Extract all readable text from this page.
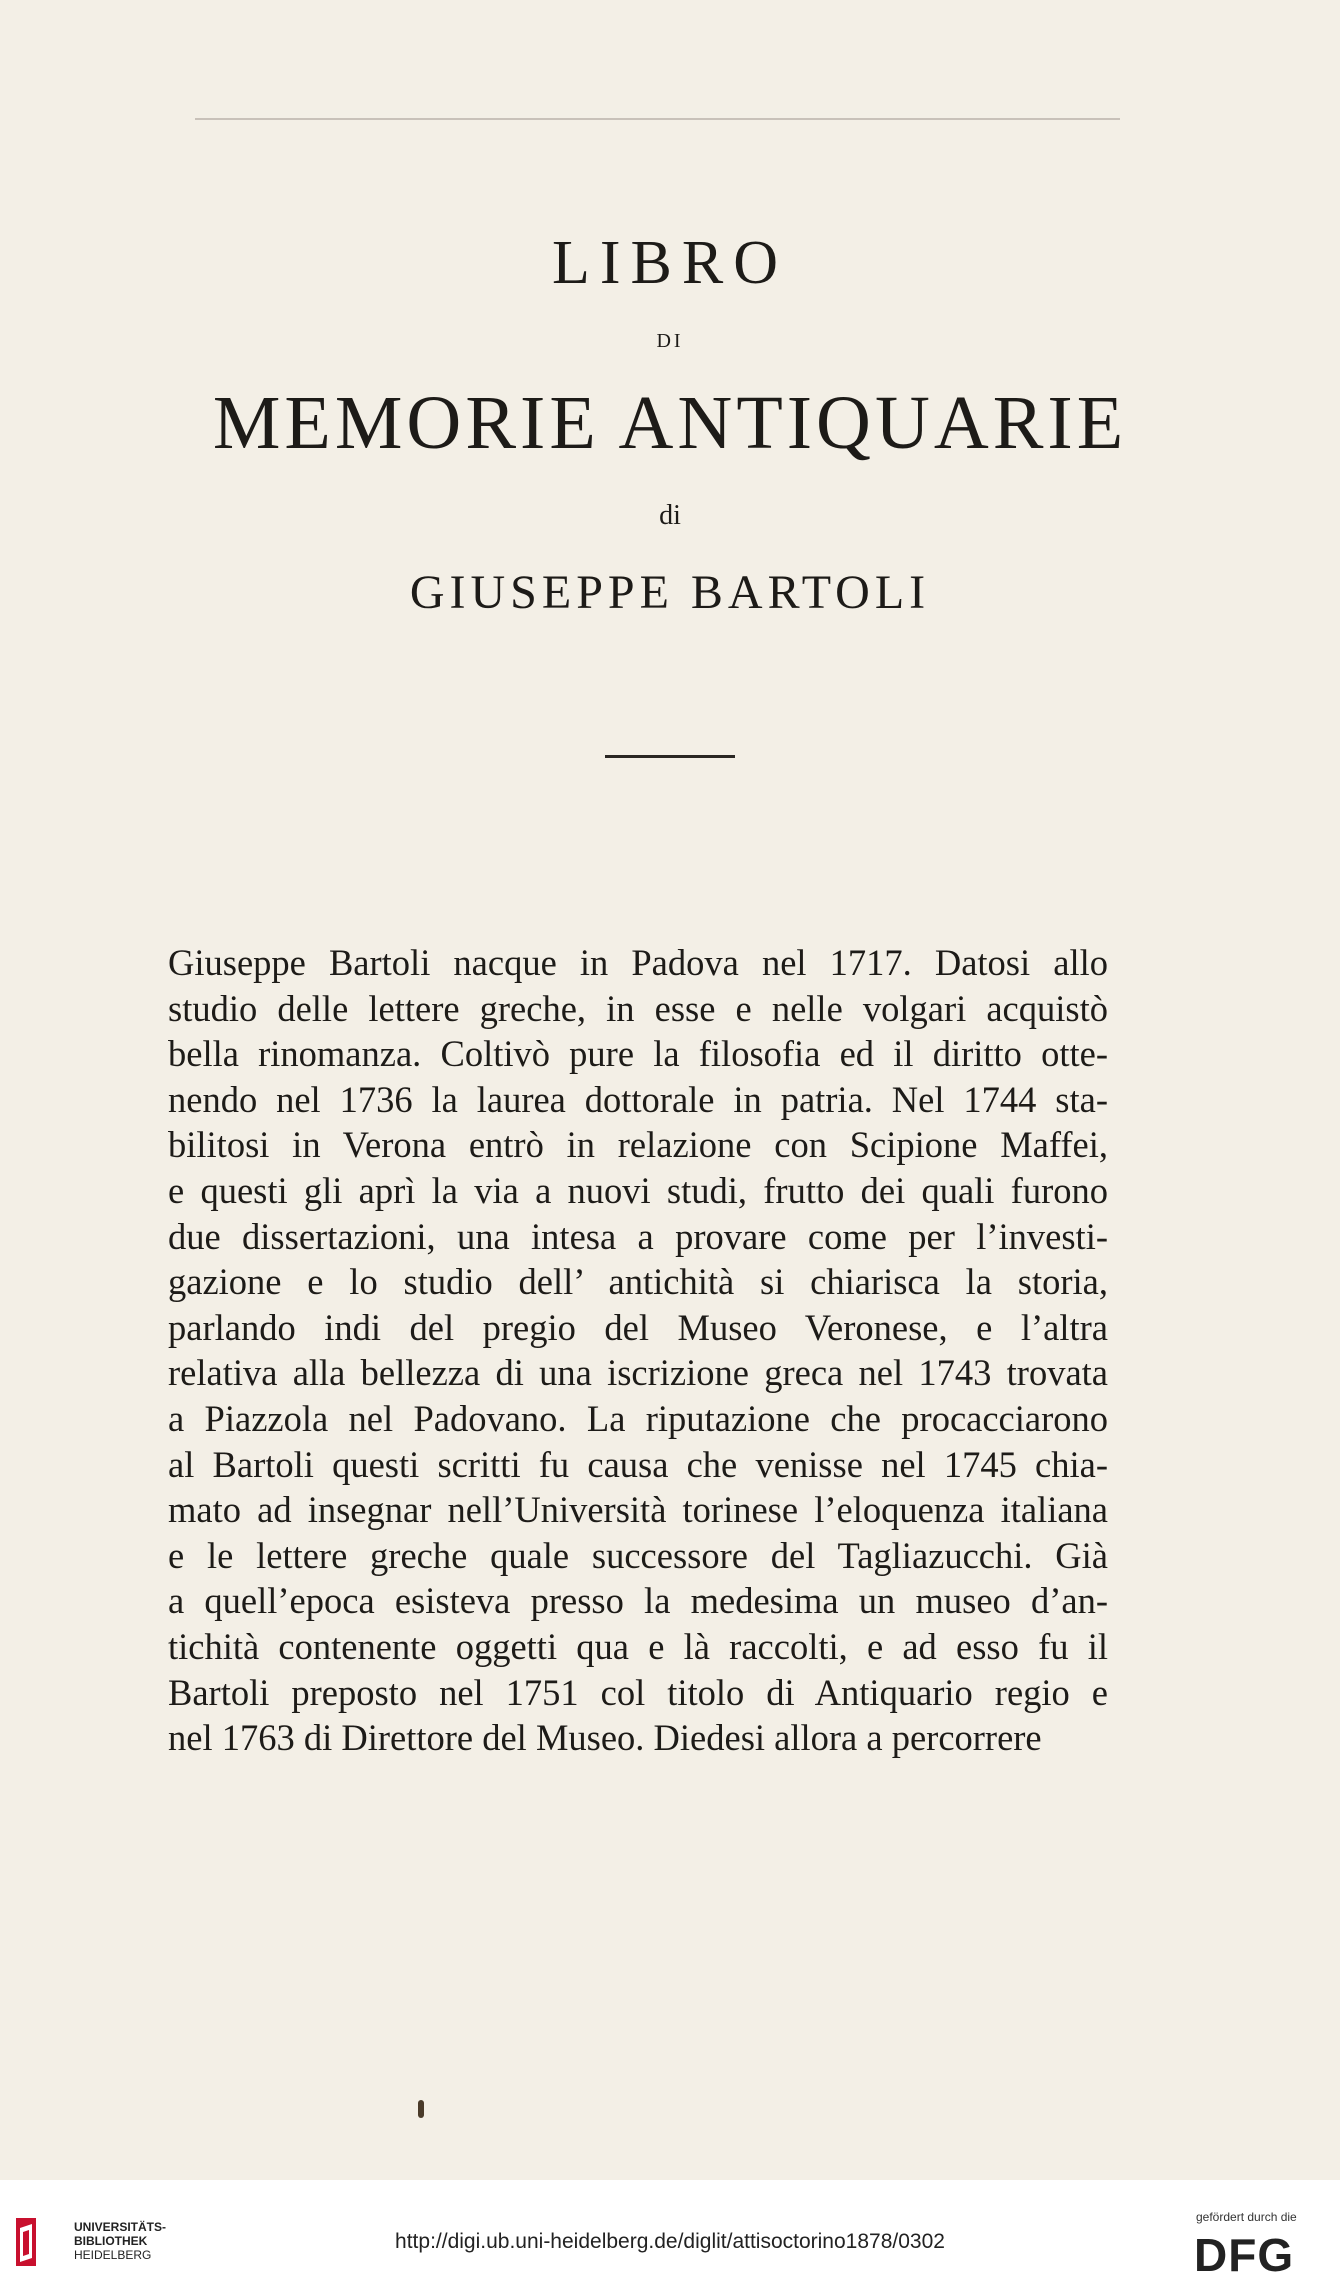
LIBRO
DI
MEMORIE ANTIQUARIE
di
GIUSEPPE BARTOLI
Giuseppe Bartoli nacque in Padova nel 1717. Datosi allo
studio delle lettere greche, in esse e nelle volgari acquistò
bella rinomanza. Coltivò pure la filosofia ed il diritto otte-
nendo nel 1736 la laurea dottorale in patria. Nel 1744 sta-
bilitosi in Verona entrò in relazione con Scipione Maffei,
e questi gli aprì la via a nuovi studi, frutto dei quali furono
due dissertazioni, una intesa a provare come per l’investi-
gazione e lo studio dell’ antichità si chiarisca la storia,
parlando indi del pregio del Museo Veronese, e l’altra
relativa alla bellezza di una iscrizione greca nel 1743 trovata
a Piazzola nel Padovano. La riputazione che procacciarono
al Bartoli questi scritti fu causa che venisse nel 1745 chia-
mato ad insegnar nell’Università torinese l’eloquenza italiana
e le lettere greche quale successore del Tagliazucchi. Già
a quell’epoca esisteva presso la medesima un museo d’an-
tichità contenente oggetti qua e là raccolti, e ad esso fu il
Bartoli preposto nel 1751 col titolo di Antiquario regio e
nel 1763 di Direttore del Museo. Diedesi allora a percorrere
UNIVERSITÄTS-
BIBLIOTHEK
HEIDELBERG
http://digi.ub.uni-heidelberg.de/diglit/attisoctorino1878/0302
gefördert durch die
DFG
